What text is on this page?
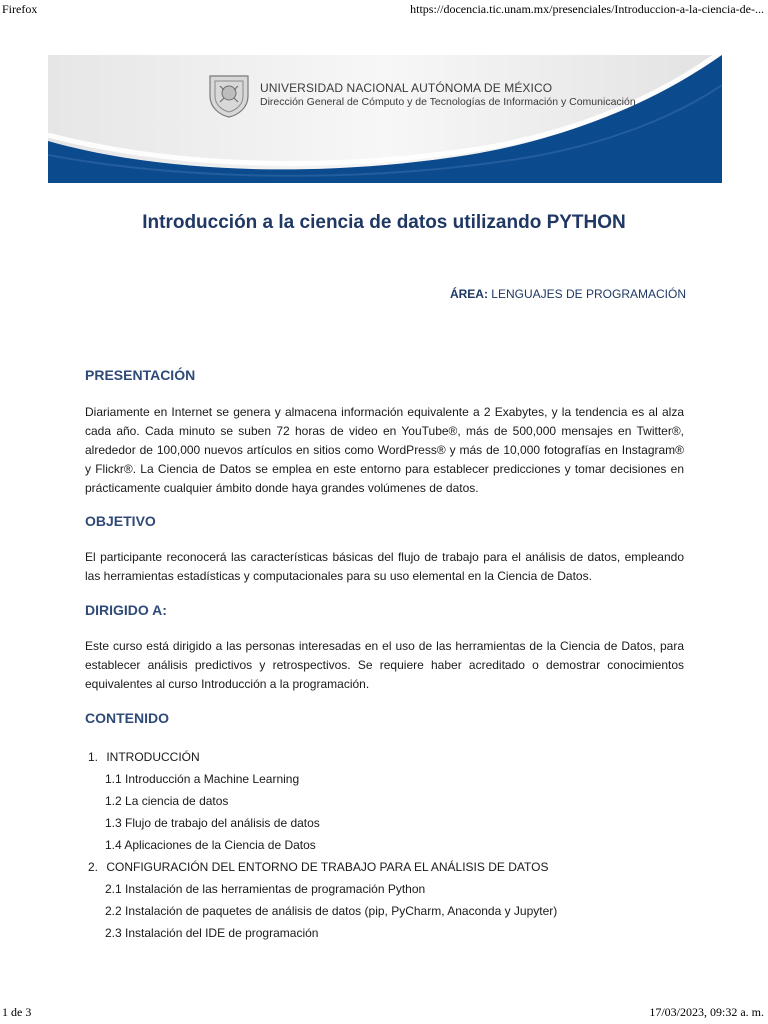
Firefox	https://docencia.tic.unam.mx/presenciales/Introduccion-a-la-ciencia-de-...
UNIVERSIDAD NACIONAL AUTÓNOMA DE MÉXICO
Dirección General de Cómputo y de Tecnologías de Información y Comunicación
Introducción a la ciencia de datos utilizando PYTHON
ÁREA: LENGUAJES DE PROGRAMACIÓN
PRESENTACIÓN

Diariamente en Internet se genera y almacena información equivalente a 2 Exabytes, y la tendencia es al alza cada año. Cada minuto se suben 72 horas de video en YouTube®, más de 500,000 mensajes en Twitter®, alrededor de 100,000 nuevos artículos en sitios como WordPress® y más de 10,000 fotografías en Instagram® y Flickr®. La Ciencia de Datos se emplea en este entorno para establecer predicciones y tomar decisiones en prácticamente cualquier ámbito donde haya grandes volúmenes de datos.

OBJETIVO

El participante reconocerá las características básicas del flujo de trabajo para el análisis de datos, empleando las herramientas estadísticas y computacionales para su uso elemental en la Ciencia de Datos.

DIRIGIDO A:

Este curso está dirigido a las personas interesadas en el uso de las herramientas de la Ciencia de Datos, para establecer análisis predictivos y retrospectivos. Se requiere haber acreditado o demostrar conocimientos equivalentes al curso Introducción a la programación.

CONTENIDO
1. INTRODUCCIÓN
1.1 Introducción a Machine Learning
1.2 La ciencia de datos
1.3 Flujo de trabajo del análisis de datos
1.4 Aplicaciones de la Ciencia de Datos
2. CONFIGURACIÓN DEL ENTORNO DE TRABAJO PARA EL ANÁLISIS DE DATOS
2.1 Instalación de las herramientas de programación Python
2.2 Instalación de paquetes de análisis de datos (pip, PyCharm, Anaconda y Jupyter)
2.3 Instalación del IDE de programación
1 de 3	17/03/2023, 09:32 a. m.
